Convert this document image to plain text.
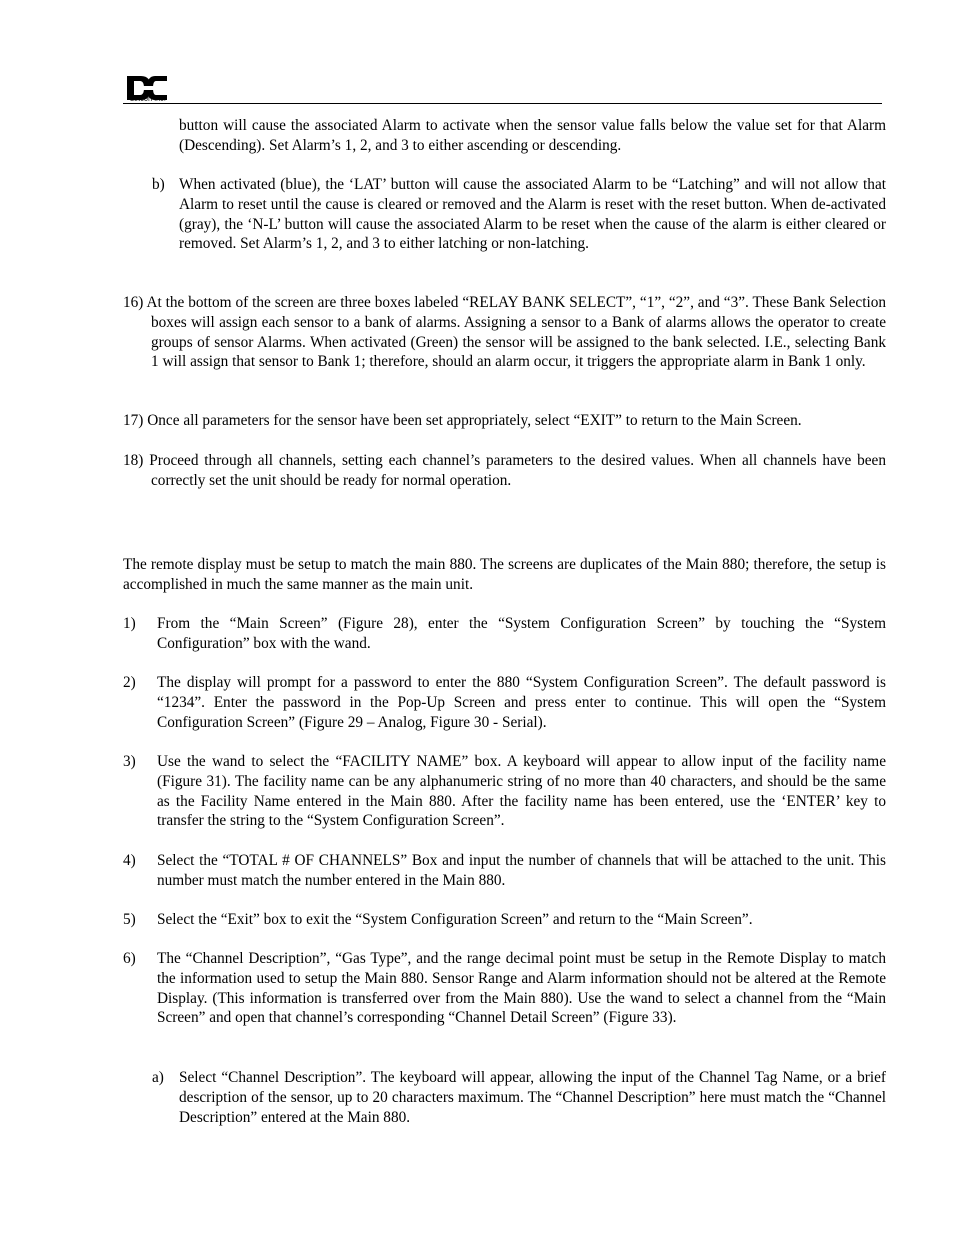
detcon inc.

button will cause the associated Alarm to activate when the sensor value falls below the value set for that Alarm (Descending). Set Alarm’s 1, 2, and 3 to either ascending or descending.

b) When activated (blue), the ‘LAT’ button will cause the associated Alarm to be “Latching” and will not allow that Alarm to reset until the cause is cleared or removed and the Alarm is reset with the reset button. When de-activated (gray), the ‘N-L’ button will cause the associated Alarm to be reset when the cause of the alarm is either cleared or removed. Set Alarm’s 1, 2, and 3 to either latching or non-latching.

16) At the bottom of the screen are three boxes labeled “RELAY BANK SELECT”, “1”, “2”, and “3”. These Bank Selection boxes will assign each sensor to a bank of alarms. Assigning a sensor to a Bank of alarms allows the operator to create groups of sensor Alarms. When activated (Green) the sensor will be assigned to the bank selected. I.E., selecting Bank 1 will assign that sensor to Bank 1; therefore, should an alarm occur, it triggers the appropriate alarm in Bank 1 only.

17) Once all parameters for the sensor have been set appropriately, select “EXIT” to return to the Main Screen.

18) Proceed through all channels, setting each channel’s parameters to the desired values. When all channels have been correctly set the unit should be ready for normal operation.

The remote display must be setup to match the main 880. The screens are duplicates of the Main 880; therefore, the setup is accomplished in much the same manner as the main unit.

1) From the “Main Screen” (Figure 28), enter the “System Configuration Screen” by touching the “System Configuration” box with the wand.

2) The display will prompt for a password to enter the 880 “System Configuration Screen”. The default password is “1234”. Enter the password in the Pop-Up Screen and press enter to continue. This will open the “System Configuration Screen” (Figure 29 – Analog, Figure 30 - Serial).

3) Use the wand to select the “FACILITY NAME” box. A keyboard will appear to allow input of the facility name (Figure 31). The facility name can be any alphanumeric string of no more than 40 characters, and should be the same as the Facility Name entered in the Main 880. After the facility name has been entered, use the ‘ENTER’ key to transfer the string to the “System Configuration Screen”.

4) Select the “TOTAL # OF CHANNELS” Box and input the number of channels that will be attached to the unit. This number must match the number entered in the Main 880.

5) Select the “Exit” box to exit the “System Configuration Screen” and return to the “Main Screen”.

6) The “Channel Description”, “Gas Type”, and the range decimal point must be setup in the Remote Display to match the information used to setup the Main 880. Sensor Range and Alarm information should not be altered at the Remote Display. (This information is transferred over from the Main 880). Use the wand to select a channel from the “Main Screen” and open that channel’s corresponding “Channel Detail Screen” (Figure 33).

a) Select “Channel Description”. The keyboard will appear, allowing the input of the Channel Tag Name, or a brief description of the sensor, up to 20 characters maximum. The “Channel Description” here must match the “Channel Description” entered at the Main 880.
